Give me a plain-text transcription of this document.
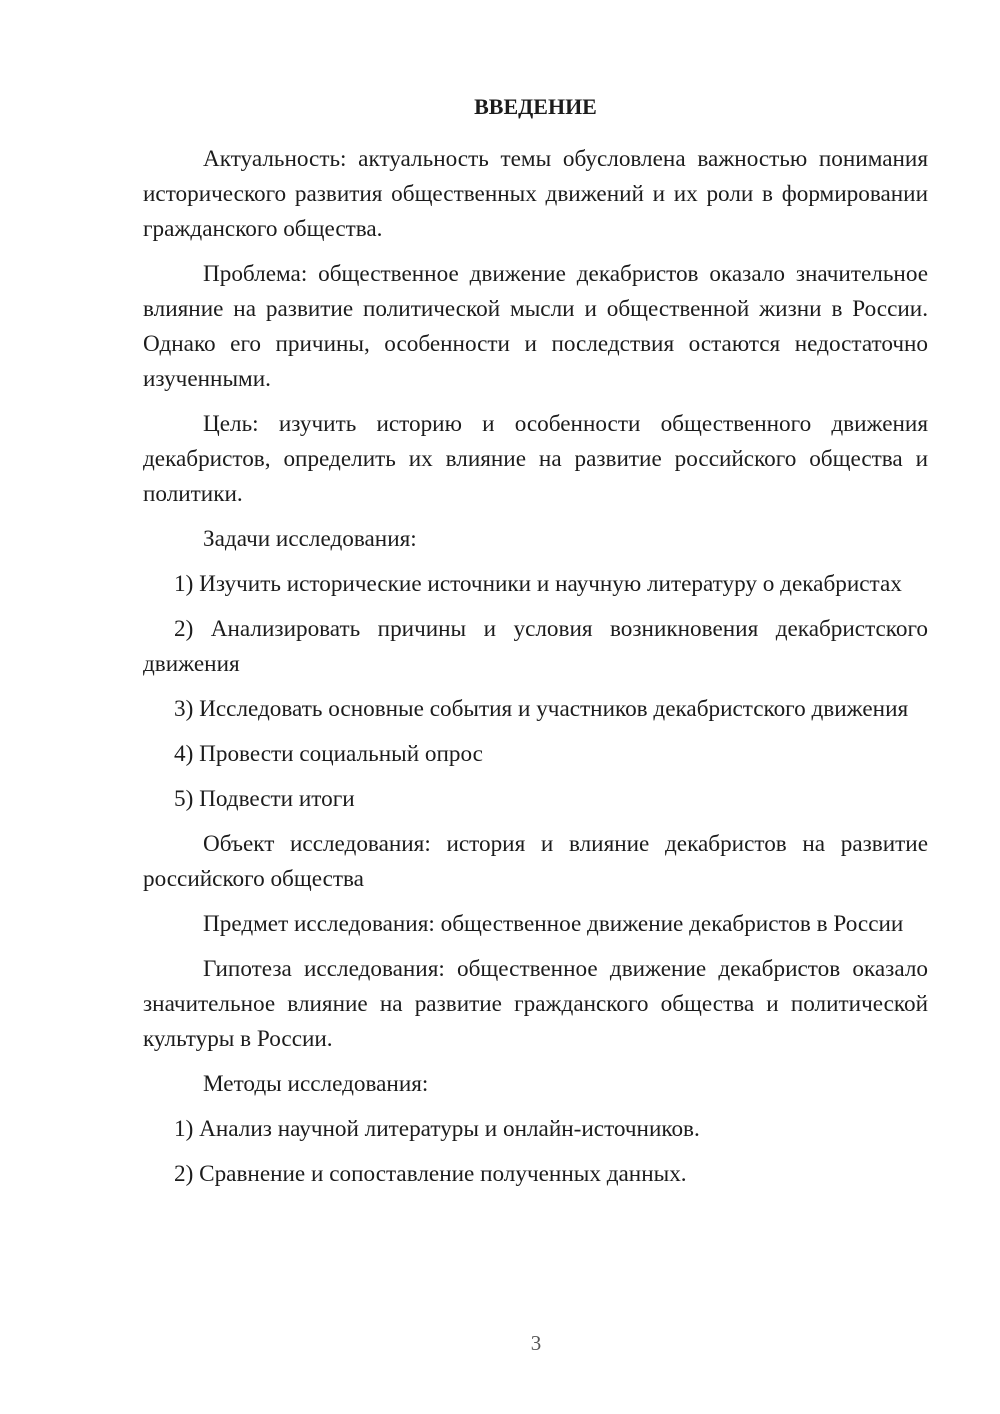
ВВЕДЕНИЕ

Актуальность: актуальность темы обусловлена важностью понимания исторического развития общественных движений и их роли в формировании гражданского общества.

Проблема: общественное движение декабристов оказало значительное влияние на развитие политической мысли и общественной жизни в России. Однако его причины, особенности и последствия остаются недостаточно изученными.

Цель: изучить историю и особенности общественного движения декабристов, определить их влияние на развитие российского общества и политики.

Задачи исследования:

1) Изучить исторические источники и научную литературу о декабристах

2) Анализировать причины и условия возникновения декабристского движения

3) Исследовать основные события и участников декабристского движения

4) Провести социальный опрос

5) Подвести итоги

Объект исследования: история и влияние декабристов на развитие российского общества

Предмет исследования: общественное движение декабристов в России

Гипотеза исследования: общественное движение декабристов оказало значительное влияние на развитие гражданского общества и политической культуры в России.

Методы исследования:

1) Анализ научной литературы и онлайн-источников.

2) Сравнение и сопоставление полученных данных.

3
